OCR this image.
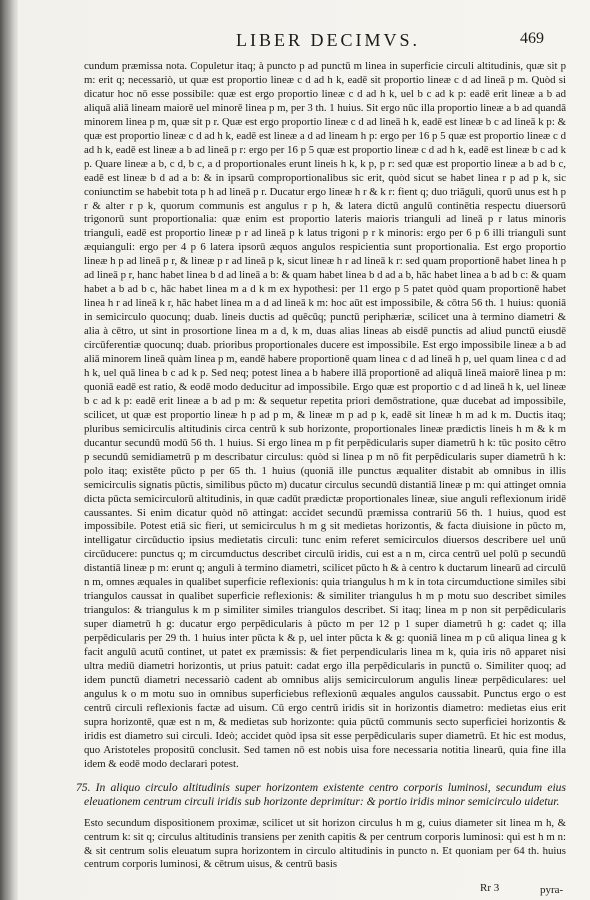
LIBER DECIMVS.	469

cundum præmissa nota. Copuletur itaq; à puncto p ad punctū m linea in superficie circuli altitudinis, quæ sit p m: erit q; necessariò, ut quæ est proportio lineæ c d ad h k, eadē sit proportio lineæ c d ad lineā p m. Quòd si dicatur hoc nō esse possibile: quæ est ergo proportio lineæ c d ad h k, uel b c ad k p: eadē erit lineæ a b ad aliquā aliā lineam maiorē uel minorē linea p m, per 3 th. 1 huius. Sit ergo nūc illa proportio lineæ a b ad quandā minorem linea p m, quæ sit p r. Quæ est ergo proportio lineæ c d ad lineā h k, eadē est lineæ b c ad lineā k p: & quæ est proportio lineæ c d ad h k, eadē est lineæ a d ad lineam h p: ergo per 16 p 5 quæ est proportio lineæ c d ad h k, eadē est lineæ a b ad lineā p r: ergo per 16 p 5 quæ est proportio lineæ c d ad h k, eadē est lineæ b c ad k p. Quare lineæ a b, c d, b c, a d proportionales erunt lineis h k, k p, p r: sed quæ est proportio lineæ a b ad b c, eadē est lineæ b d ad a b: & in ipsarū comproportionalibus sic erit, quòd sicut se habet linea r p ad p k, sic coniunctim se habebit tota p h ad lineā p r. Ducatur ergo lineæ h r & k r: fient q; duo triāguli, quorū unus est h p r & alter r p k, quorum communis est angulus r p h, & latera dictū angulū continētia respectu diuersorū trigonorū sunt proportionalia: quæ enim est proportio lateris maioris trianguli ad lineā p r latus minoris trianguli, eadē est proportio lineæ p r ad lineā p k latus trigoni p r k minoris: ergo per 6 p 6 illi trianguli sunt æquianguli: ergo per 4 p 6 latera ipsorū æquos angulos respicientia sunt proportionalia. Est ergo proportio lineæ h p ad lineā p r, & lineæ p r ad lineā p k, sicut lineæ h r ad lineā k r: sed quam proportionē habet linea h p ad lineā p r, hanc habet linea b d ad lineā a b: & quam habet linea b d ad a b, hāc habet linea a b ad b c: & quam habet a b ad b c, hāc habet linea m a d k m ex hypothesi: per 11 ergo p 5 patet quòd quam proportionē habet linea h r ad lineā k r, hāc habet linea m a d ad lineā k m: hoc aūt est impossibile, & cōtra 56 th. 1 huius: quoniā in semicirculo quocunq; duab. lineis ductis ad quēcūq; punctū periphæriæ, scilicet una à termino diametri & alia à cētro, ut sint in prosortione linea m a d, k m, duas alias lineas ab eisdē punctis ad aliud punctū eiusdē circūferentiæ quocunq; duab. prioribus proportionales ducere est impossibile. Est ergo impossibile lineæ a b ad aliā minorem lineā quàm linea p m, eandē habere proportionē quam linea c d ad lineā h p, uel quam linea c d ad h k, uel quā linea b c ad k p. Sed neq; potest linea a b habere illā proportionē ad aliquā lineā maiorē linea p m: quoniā eadē est ratio, & eodē modo deducitur ad impossibile. Ergo quæ est proportio c d ad lineā h k, uel lineæ b c ad k p: eadē erit lineæ a b ad p m: & sequetur repetita priori demōstratione, quæ ducebat ad impossibile, scilicet, ut quæ est proportio lineæ h p ad p m, & lineæ m p ad p k, eadē sit lineæ h m ad k m. Ductis itaq; pluribus semicirculis altitudinis circa centrū k sub horizonte, proportionales lineæ prædictis lineis h m & k m ducantur secundū modū 56 th. 1 huius. Si ergo linea m p fit perpēdicularis super diametrū h k: tūc posito cētro p secundū semidiametrū p m describatur circulus: quòd si linea p m nō fit perpēdicularis super diametrū h k: polo itaq; existēte pūcto p per 65 th. 1 huius (quoniā ille punctus æqualiter distabit ab omnibus in illis semicirculis signatis pūctis, similibus pūcto m) ducatur circulus secundū distantiā lineæ p m: qui attinget omnia dicta pūcta semicirculorū altitudinis, in quæ cadūt prædictæ proportionales lineæ, siue anguli reflexionum iridē caussantes. Si enim dicatur quòd nō attingat: accidet secundū præmissa contrariū 56 th. 1 huius, quod est impossibile. Potest etiā sic fieri, ut semicirculus h m g sit medietas horizontis, & facta diuisione in pūcto m, intelligatur circūductio ipsius medietatis circuli: tunc enim referet semicirculos diuersos describere uel unū circūducere: punctus q; m circumductus describet circulū iridis, cui est a n m, circa centrū uel polū p secundū distantiā lineæ p m: erunt q; anguli à termino diametri, scilicet pūcto h & à centro k ductarum linearū ad circulū n m, omnes æquales in qualibet superficie reflexionis: quia triangulus h m k in tota circumductione similes sibi triangulos caussat in qualibet superficie reflexionis: & similiter triangulus h m p motu suo describet similes triangulos: & triangulus k m p similiter similes triangulos describet. Si itaq; linea m p non sit perpēdicularis super diametrū h g: ducatur ergo perpēdicularis à pūcto m per 12 p 1 super diametrū h g: cadet q; illa perpēdicularis per 29 th. 1 huius inter pūcta k & p, uel inter pūcta k & g: quoniā linea m p cū aliqua linea g k facit angulū acutū continet, ut patet ex præmissis: & fiet perpendicularis linea m k, quia iris nō apparet nisi ultra mediū diametri horizontis, ut prius patuit: cadat ergo illa perpēdicularis in punctū o. Similiter quoq; ad idem punctū diametri necessariò cadent ab omnibus alijs semicirculorum angulis lineæ perpēdiculares: uel angulus k o m motu suo in omnibus superficiebus reflexionū æquales angulos caussabit. Punctus ergo o est centrū circuli reflexionis factæ ad uisum. Cū ergo centrū iridis sit in horizontis diametro: medietas eius erit supra horizontē, quæ est n m, & medietas sub horizonte: quia pūctū communis secto superficiei horizontis & iridis est diametro sui circuli. Ideò; accidet quòd ipsa sit esse perpēdicularis super diametrū. Et hic est modus, quo Aristoteles propositū conclusit. Sed tamen nō est nobis uisa fore necessaria notitia linearū, quia fine illa idem & eodē modo declarari potest.

75. In aliquo circulo altitudinis super horizontem existente centro corporis luminosi, secundum eius eleuationem centrum circuli iridis sub horizonte deprimitur: & portio iridis minor semicirculo uidetur.

Esto secundum dispositionem proximæ, scilicet ut sit horizon circulus h m g, cuius diameter sit linea m h, & centrum k: sit q; circulus altitudinis transiens per zenith capitis & per centrum corporis luminosi: qui est h m n: & sit centrum solis eleuatum supra horizontem in circulo altitudinis in puncto n. Et quoniam per 64 th. huius centrum corporis luminosi, & cētrum uisus, & centrū basis

Rr 3	pyra-
